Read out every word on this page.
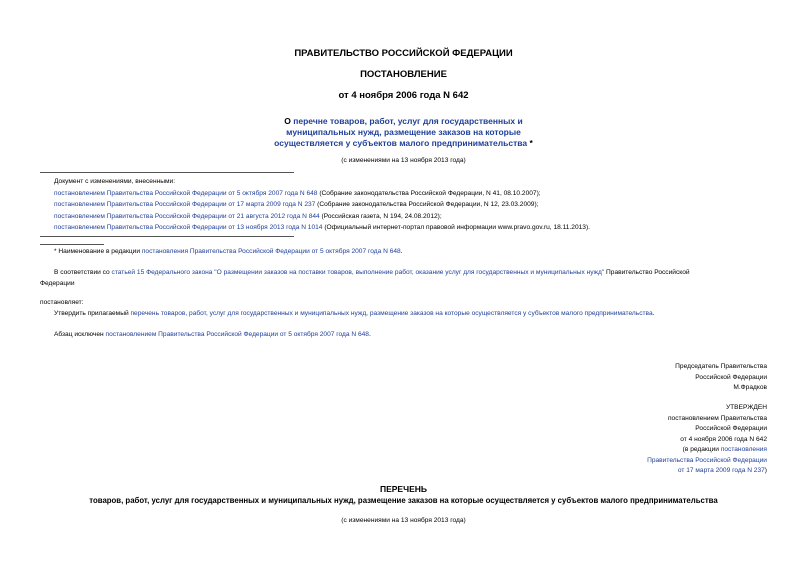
ПРАВИТЕЛЬСТВО РОССИЙСКОЙ ФЕДЕРАЦИИ
ПОСТАНОВЛЕНИЕ
от 4 ноября 2006 года N 642
О перечне товаров, работ, услуг для государственных и
муниципальных нужд, размещение заказов на которые
осуществляется у субъектов малого предпринимательства *
(с изменениями на 13 ноября 2013 года)
Документ с изменениями, внесенными:
постановлением Правительства Российской Федерации от 5 октября 2007 года N 648 (Собрание законодательства Российской Федерации, N 41, 08.10.2007);
постановлением Правительства Российской Федерации от 17 марта 2009 года N 237 (Собрание законодательства Российской Федерации, N 12, 23.03.2009);
постановлением Правительства Российской Федерации от 21 августа 2012 года N 844 (Российская газета, N 194, 24.08.2012);
постановлением Правительства Российской Федерации от 13 ноября 2013 года N 1014 (Официальный интернет-портал правовой информации www.pravo.gov.ru, 18.11.2013).
* Наименование в редакции постановления Правительства Российской Федерации от 5 октября 2007 года N 648.
В соответствии со статьей 15 Федерального закона "О размещении заказов на поставки товаров, выполнение работ, оказание услуг для государственных и муниципальных нужд" Правительство Российской
Федерации
постановляет:
Утвердить прилагаемый перечень товаров, работ, услуг для государственных и муниципальных нужд, размещение заказов на которые осуществляется у субъектов малого предпринимательства.
Абзац исключен постановлением Правительства Российской Федерации от 5 октября 2007 года N 648.
Председатель Правительства
Российской Федерации
М.Фрадков
УТВЕРЖДЕН
постановлением Правительства
Российской Федерации
от 4 ноября 2006 года N 642
(в редакции постановления
Правительства Российской Федерации
от 17 марта 2009 года N 237)
ПЕРЕЧЕНЬ
товаров, работ, услуг для государственных и муниципальных нужд, размещение заказов на которые осуществляется у субъектов малого предпринимательства
(с изменениями на 13 ноября 2013 года)
